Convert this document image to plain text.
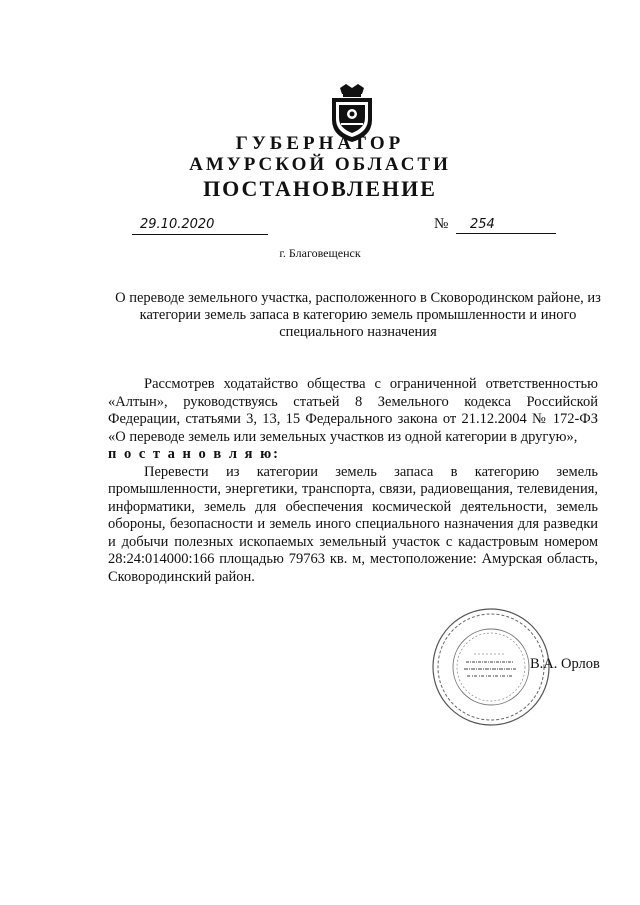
ГУБЕРНАТОР
АМУРСКОЙ ОБЛАСТИ
ПОСТАНОВЛЕНИЕ
29.10.2020	№	254
г. Благовещенск
О переводе земельного участка, расположенного в Сковородинском районе, из категории земель запаса в категорию земель промышленности и иного специального назначения

Рассмотрев ходатайство общества с ограниченной ответственностью «Алтын», руководствуясь статьей 8 Земельного кодекса Российской Федерации, статьями 3, 13, 15 Федерального закона от 21.12.2004 № 172-ФЗ «О переводе земель или земельных участков из одной категории в другую»,

п о с т а н о в л я ю:

Перевести из категории земель запаса в категорию земель промышленности, энергетики, транспорта, связи, радиовещания, телевидения, информатики, земель для обеспечения космической деятельности, земель обороны, безопасности и земель иного специального назначения для разведки и добычи полезных ископаемых земельный участок с кадастровым номером 28:24:014000:166 площадью 79763 кв. м, местоположение: Амурская область, Сковородинский район.

В.А. Орлов
